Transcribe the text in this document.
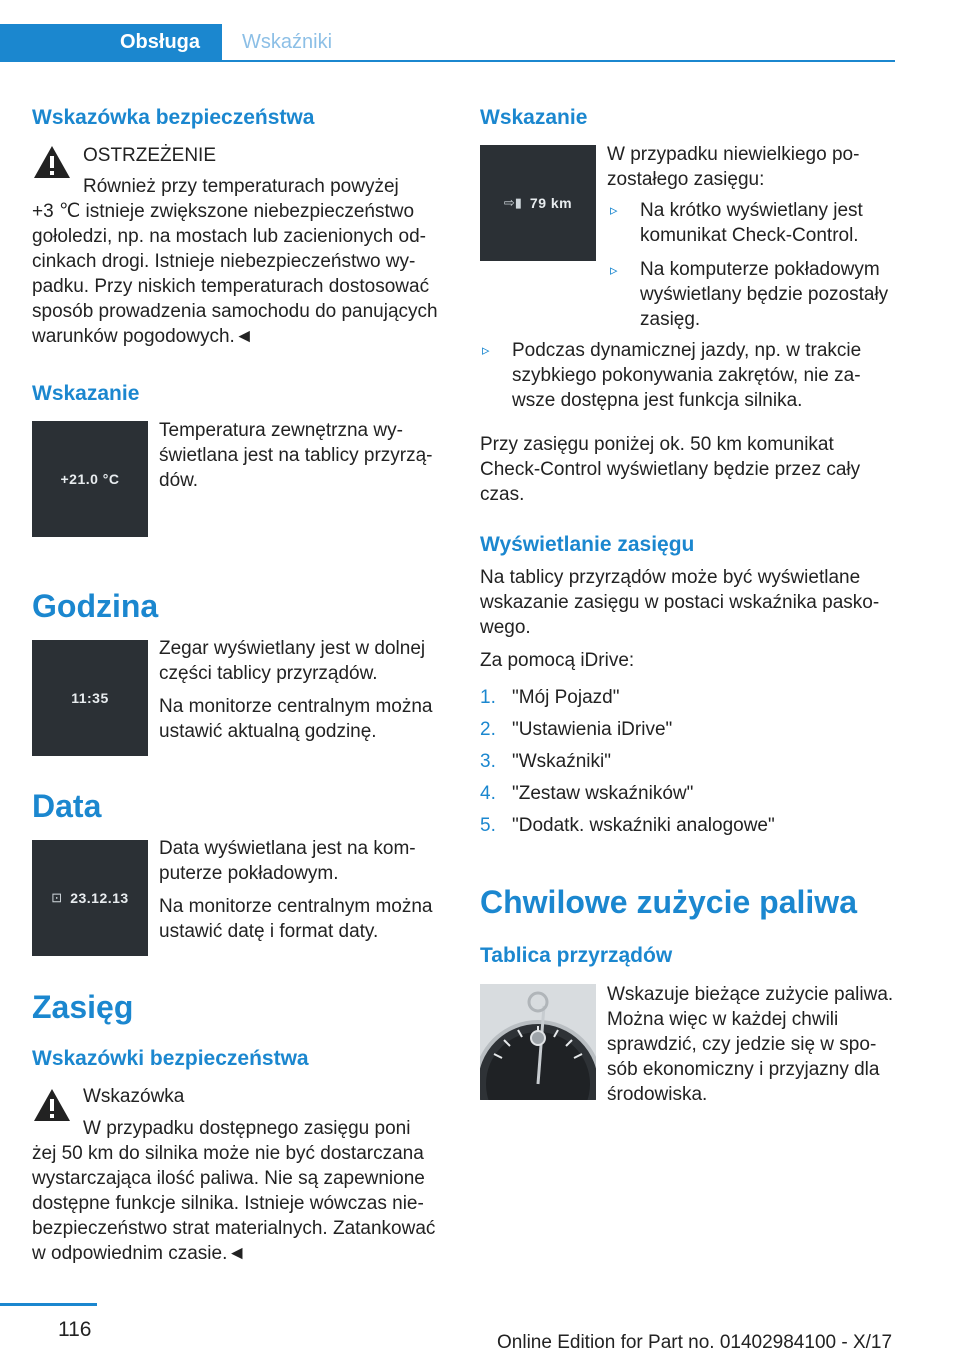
Obsługa	Wskaźniki
Wskazówka bezpieczeństwa
OSTRZEŻENIE
Również przy temperaturach powyżej
+3 ℃ istnieje zwiększone niebezpieczeństwo gołoledzi, np. na mostach lub zacienionych odcinkach drogi. Istnieje niebezpieczeństwo wypadku. Przy niskich temperaturach dostosować sposób prowadzenia samochodu do panujących warunków pogodowych.◄
Wskazanie
+21.0 °C
Temperatura zewnętrzna wyświetlana jest na tablicy przyrządów.
Godzina
11:35
Zegar wyświetlany jest w dolnej części tablicy przyrządów.
Na monitorze centralnym można ustawić aktualną godzinę.
Data
⊡ 23.12.13
Data wyświetlana jest na komputerze pokładowym.
Na monitorze centralnym można ustawić datę i format daty.
Zasięg
Wskazówki bezpieczeństwa
Wskazówka
W przypadku dostępnego zasięgu poni
żej 50 km do silnika może nie być dostarczana wystarczająca ilość paliwa. Nie są zapewnione dostępne funkcje silnika. Istnieje wówczas niebezpieczeństwo strat materialnych. Zatankować w odpowiednim czasie.◄
Wskazanie
⇨▮ 79 km
W przypadku niewielkiego pozostałego zasięgu:
▹ Na krótko wyświetlany jest komunikat Check-Control.
▹ Na komputerze pokładowym wyświetlany będzie pozostały zasięg.
▹ Podczas dynamicznej jazdy, np. w trakcie szybkiego pokonywania zakrętów, nie zawsze dostępna jest funkcja silnika.
Przy zasięgu poniżej ok. 50 km komunikat Check-Control wyświetlany będzie przez cały czas.
Wyświetlanie zasięgu
Na tablicy przyrządów może być wyświetlane wskazanie zasięgu w postaci wskaźnika paskowego.
Za pomocą iDrive:
1. "Mój Pojazd"
2. "Ustawienia iDrive"
3. "Wskaźniki"
4. "Zestaw wskaźników"
5. "Dodatk. wskaźniki analogowe"
Chwilowe zużycie paliwa
Tablica przyrządów
Wskazuje bieżące zużycie paliwa. Można więc w każdej chwili sprawdzić, czy jedzie się w sposób ekonomiczny i przyjazny dla środowiska.
116
Online Edition for Part no. 01402984100 - X/17
